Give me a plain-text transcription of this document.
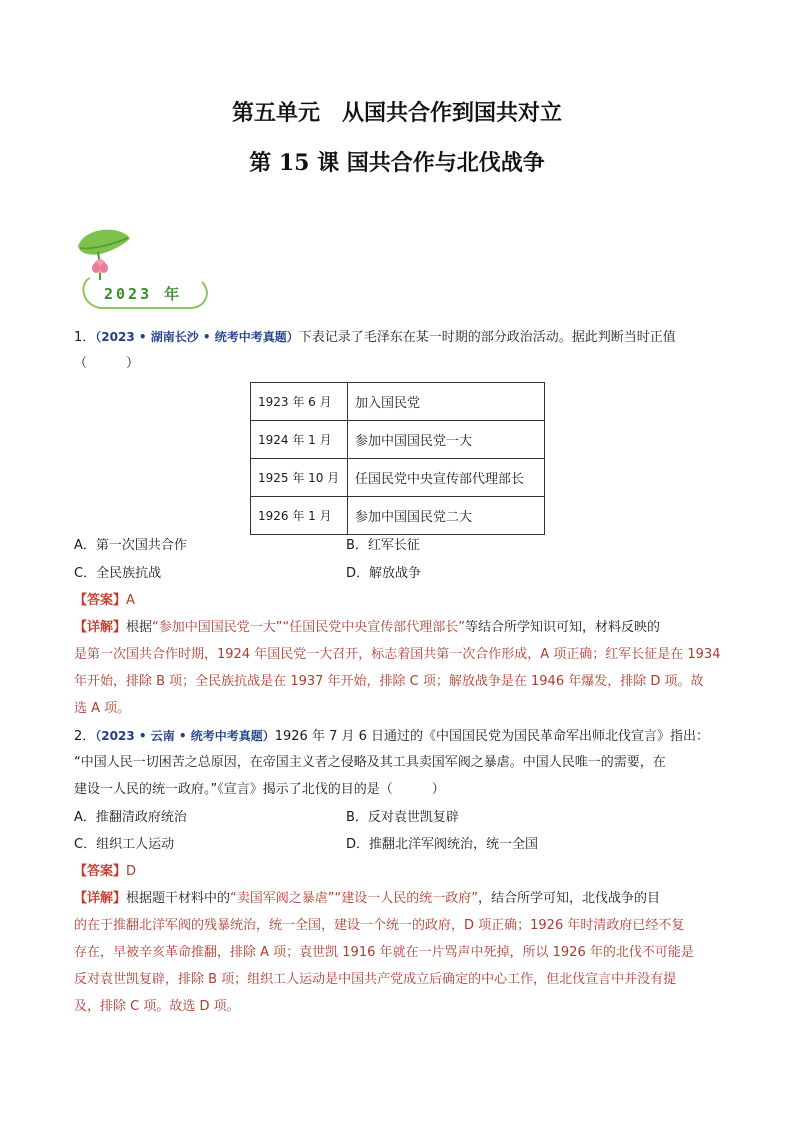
第五单元　从国共合作到国共对立
第 15 课 国共合作与北伐战争
2023 年
1．（2023 • 湖南长沙 • 统考中考真题）下表记录了毛泽东在某一时期的部分政治活动。据此判断当时正值
（　　　）
1923 年 6 月	加入国民党
1924 年 1 月	参加中国国民党一大
1925 年 10 月	任国民党中央宣传部代理部长
1926 年 1 月	参加中国国民党二大
A．第一次国共合作	B．红军长征
C．全民族抗战	D．解放战争
【答案】A
【详解】根据“参加中国国民党一大”“任国民党中央宣传部代理部长”等结合所学知识可知，材料反映的
是第一次国共合作时期，1924 年国民党一大召开，标志着国共第一次合作形成，A 项正确；红军长征是在 1934
年开始，排除 B 项；全民族抗战是在 1937 年开始，排除 C 项；解放战争是在 1946 年爆发，排除 D 项。故
选 A 项。
2．（2023 • 云南 • 统考中考真题）1926 年 7 月 6 日通过的《中国国民党为国民革命军出师北伐宣言》指出：
“中国人民一切困苦之总原因，在帝国主义者之侵略及其工具卖国军阀之暴虐。中国人民唯一的需要，在
建设一人民的统一政府。”《宣言》揭示了北伐的目的是（　　　）
A．推翻清政府统治	B．反对袁世凯复辟
C．组织工人运动	D．推翻北洋军阀统治，统一全国
【答案】D
【详解】根据题干材料中的“卖国军阀之暴虐”“建设一人民的统一政府”，结合所学可知，北伐战争的目
的在于推翻北洋军阀的残暴统治，统一全国，建设一个统一的政府，D 项正确；1926 年时清政府已经不复
存在，早被辛亥革命推翻，排除 A 项；袁世凯 1916 年就在一片骂声中死掉，所以 1926 年的北伐不可能是
反对袁世凯复辟，排除 B 项；组织工人运动是中国共产党成立后确定的中心工作，但北伐宣言中并没有提
及，排除 C 项。故选 D 项。
